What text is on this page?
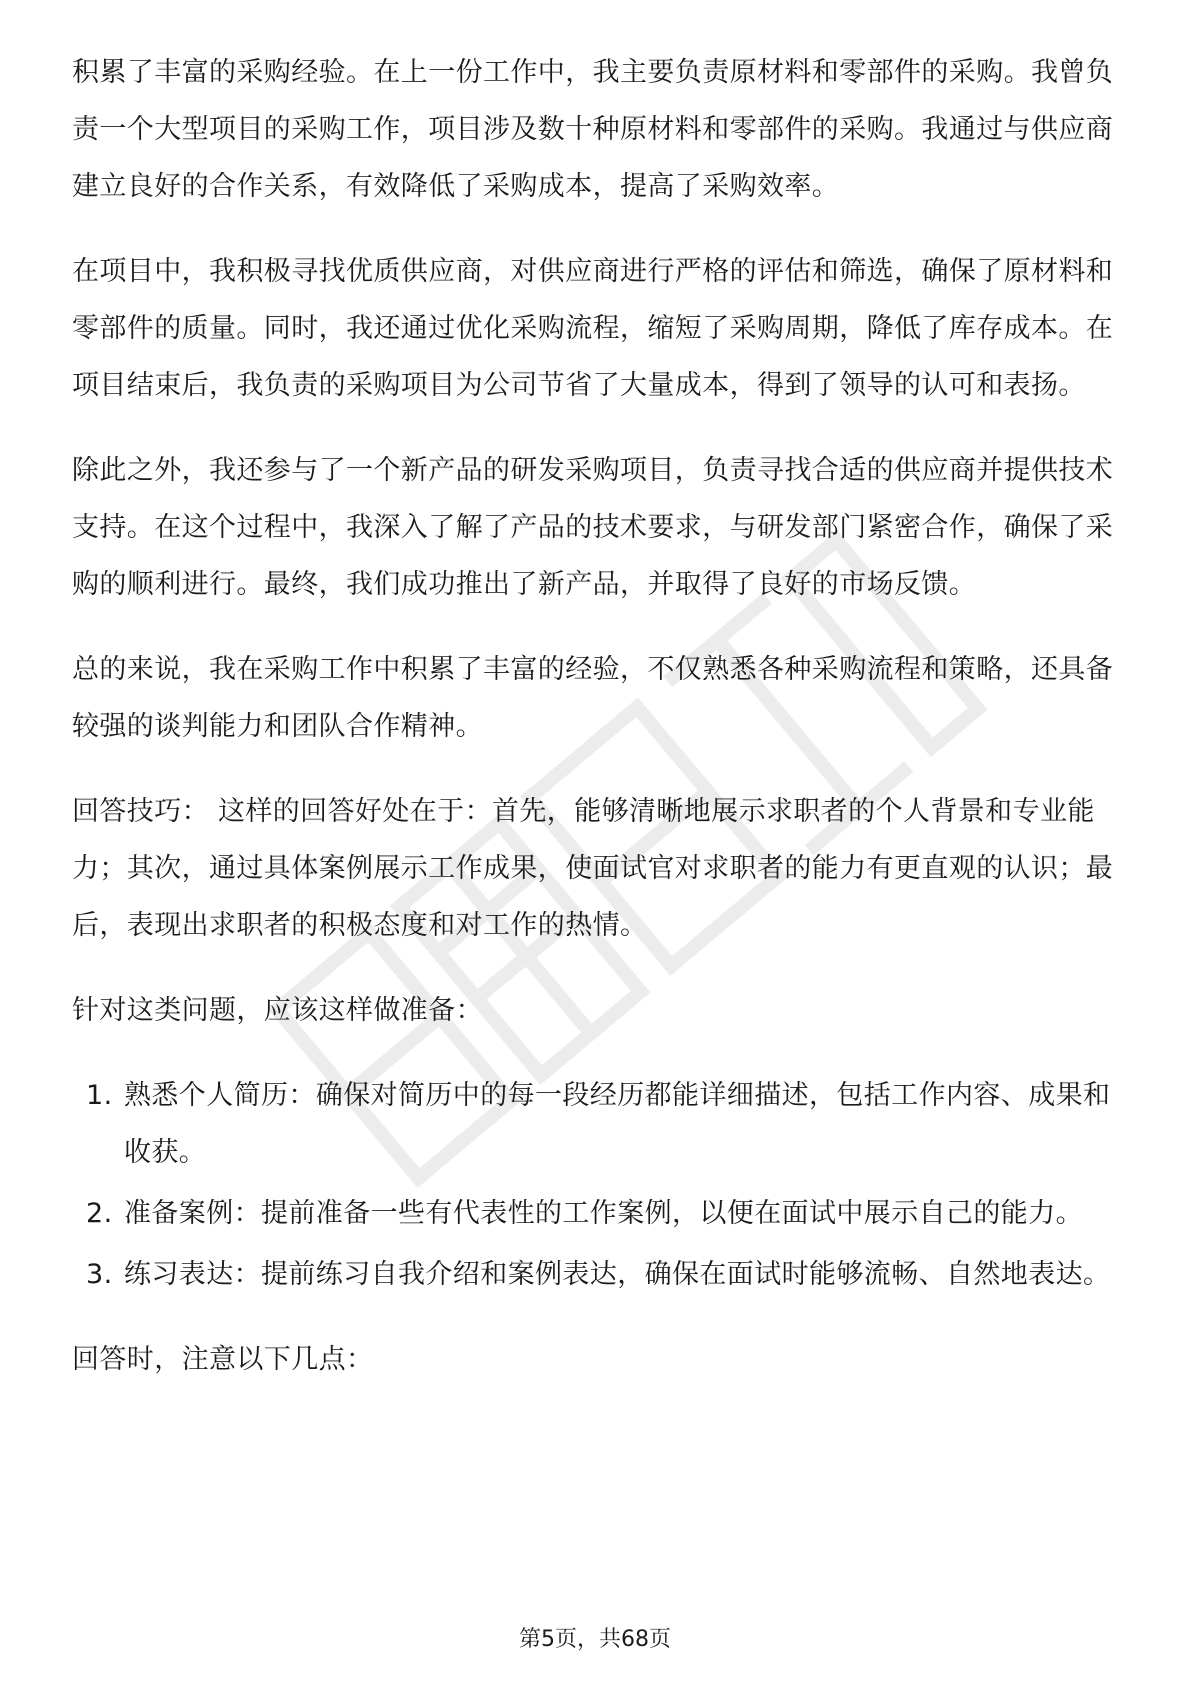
积累了丰富的采购经验。在上一份工作中，我主要负责原材料和零部件的采购。我曾负责一个大型项目的采购工作，项目涉及数十种原材料和零部件的采购。我通过与供应商建立良好的合作关系，有效降低了采购成本，提高了采购效率。

在项目中，我积极寻找优质供应商，对供应商进行严格的评估和筛选，确保了原材料和零部件的质量。同时，我还通过优化采购流程，缩短了采购周期，降低了库存成本。在项目结束后，我负责的采购项目为公司节省了大量成本，得到了领导的认可和表扬。

除此之外，我还参与了一个新产品的研发采购项目，负责寻找合适的供应商并提供技术支持。在这个过程中，我深入了解了产品的技术要求，与研发部门紧密合作，确保了采购的顺利进行。最终，我们成功推出了新产品，并取得了良好的市场反馈。

总的来说，我在采购工作中积累了丰富的经验，不仅熟悉各种采购流程和策略，还具备较强的谈判能力和团队合作精神。

回答技巧： 这样的回答好处在于：首先，能够清晰地展示求职者的个人背景和专业能力；其次，通过具体案例展示工作成果，使面试官对求职者的能力有更直观的认识；最后，表现出求职者的积极态度和对工作的热情。

针对这类问题，应该这样做准备：

1. 熟悉个人简历：确保对简历中的每一段经历都能详细描述，包括工作内容、成果和收获。
2. 准备案例：提前准备一些有代表性的工作案例，以便在面试中展示自己的能力。
3. 练习表达：提前练习自我介绍和案例表达，确保在面试时能够流畅、自然地表达。

回答时，注意以下几点：

第5页，共68页
